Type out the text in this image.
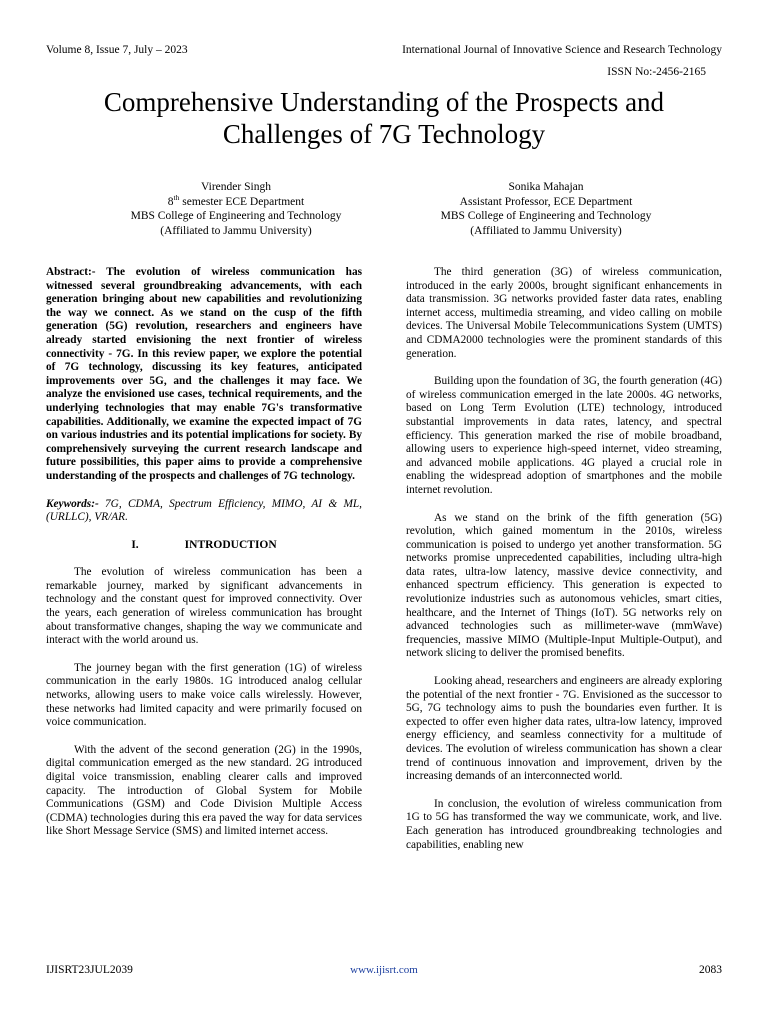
Volume 8, Issue 7, July – 2023	International Journal of Innovative Science and Research Technology
ISSN No:-2456-2165
Comprehensive Understanding of the Prospects and
Challenges of 7G Technology
Virender Singh
8th semester ECE Department
MBS College of Engineering and Technology
(Affiliated to Jammu University)
Sonika Mahajan
Assistant Professor, ECE Department
MBS College of Engineering and Technology
(Affiliated to Jammu University)

Abstract:- The evolution of wireless communication has witnessed several groundbreaking advancements, with each generation bringing about new capabilities and revolutionizing the way we connect. As we stand on the cusp of the fifth generation (5G) revolution, researchers and engineers have already started envisioning the next frontier of wireless connectivity - 7G. In this review paper, we explore the potential of 7G technology, discussing its key features, anticipated improvements over 5G, and the challenges it may face. We analyze the envisioned use cases, technical requirements, and the underlying technologies that may enable 7G's transformative capabilities. Additionally, we examine the expected impact of 7G on various industries and its potential implications for society. By comprehensively surveying the current research landscape and future possibilities, this paper aims to provide a comprehensive understanding of the prospects and challenges of 7G technology.

Keywords:- 7G, CDMA, Spectrum Efficiency, MIMO, AI & ML, (URLLC), VR/AR.

I.	INTRODUCTION

The evolution of wireless communication has been a remarkable journey, marked by significant advancements in technology and the constant quest for improved connectivity. Over the years, each generation of wireless communication has brought about transformative changes, shaping the way we communicate and interact with the world around us.

The journey began with the first generation (1G) of wireless communication in the early 1980s. 1G introduced analog cellular networks, allowing users to make voice calls wirelessly. However, these networks had limited capacity and were primarily focused on voice communication.

With the advent of the second generation (2G) in the 1990s, digital communication emerged as the new standard. 2G introduced digital voice transmission, enabling clearer calls and improved capacity. The introduction of Global System for Mobile Communications (GSM) and Code Division Multiple Access (CDMA) technologies during this era paved the way for data services like Short Message Service (SMS) and limited internet access.

The third generation (3G) of wireless communication, introduced in the early 2000s, brought significant enhancements in data transmission. 3G networks provided faster data rates, enabling internet access, multimedia streaming, and video calling on mobile devices. The Universal Mobile Telecommunications System (UMTS) and CDMA2000 technologies were the prominent standards of this generation.

Building upon the foundation of 3G, the fourth generation (4G) of wireless communication emerged in the late 2000s. 4G networks, based on Long Term Evolution (LTE) technology, introduced substantial improvements in data rates, latency, and spectral efficiency. This generation marked the rise of mobile broadband, allowing users to experience high-speed internet, video streaming, and advanced mobile applications. 4G played a crucial role in enabling the widespread adoption of smartphones and the mobile internet revolution.

As we stand on the brink of the fifth generation (5G) revolution, which gained momentum in the 2010s, wireless communication is poised to undergo yet another transformation. 5G networks promise unprecedented capabilities, including ultra-high data rates, ultra-low latency, massive device connectivity, and enhanced spectrum efficiency. This generation is expected to revolutionize industries such as autonomous vehicles, smart cities, healthcare, and the Internet of Things (IoT). 5G networks rely on advanced technologies such as millimeter-wave (mmWave) frequencies, massive MIMO (Multiple-Input Multiple-Output), and network slicing to deliver the promised benefits.

Looking ahead, researchers and engineers are already exploring the potential of the next frontier - 7G. Envisioned as the successor to 5G, 7G technology aims to push the boundaries even further. It is expected to offer even higher data rates, ultra-low latency, improved energy efficiency, and seamless connectivity for a multitude of devices. The evolution of wireless communication has shown a clear trend of continuous innovation and improvement, driven by the increasing demands of an interconnected world.

In conclusion, the evolution of wireless communication from 1G to 5G has transformed the way we communicate, work, and live. Each generation has introduced groundbreaking technologies and capabilities, enabling new

IJISRT23JUL2039	www.ijisrt.com	2083
